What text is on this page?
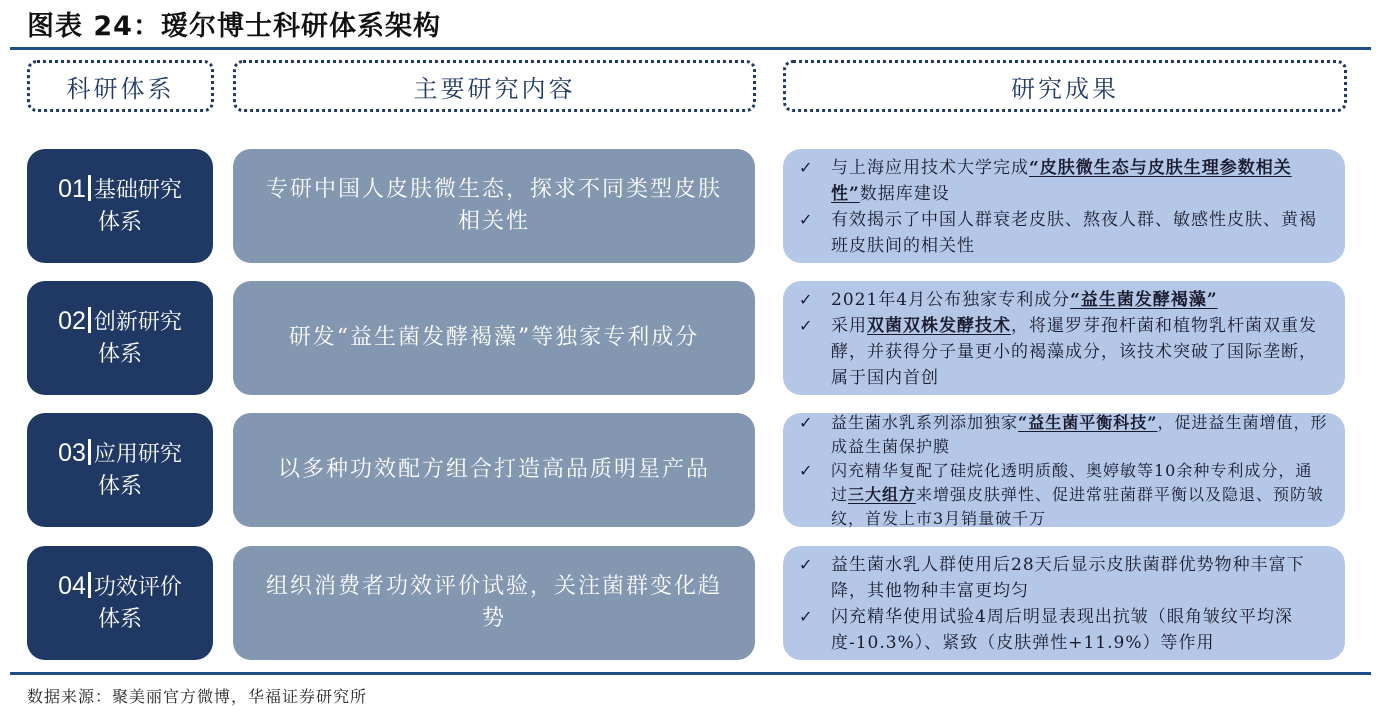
图表 24：瑷尔博士科研体系架构
科研体系	主要研究内容	研究成果
01 基础研究
体系
专研中国人皮肤微生态，探求不同类型皮肤相关性
✓	与上海应用技术大学完成“皮肤微生态与皮肤生理参数相关性”数据库建设
✓	有效揭示了中国人群衰老皮肤、熬夜人群、敏感性皮肤、黄褐班皮肤间的相关性
02 创新研究
体系
研发“益生菌发酵褐藻”等独家专利成分
✓	2021年4月公布独家专利成分“益生菌发酵褐藻”
✓	采用双菌双株发酵技术，将暹罗芽孢杆菌和植物乳杆菌双重发酵，并获得分子量更小的褐藻成分，该技术突破了国际垄断，属于国内首创
03 应用研究
体系
以多种功效配方组合打造高品质明星产品
✓	益生菌水乳系列添加独家“益生菌平衡科技”，促进益生菌增值，形成益生菌保护膜
✓	闪充精华复配了硅烷化透明质酸、奥婷敏等10余种专利成分，通过三大组方来增强皮肤弹性、促进常驻菌群平衡以及隐退、预防皱纹，首发上市3月销量破千万
04 功效评价
体系
组织消费者功效评价试验，关注菌群变化趋势
✓	益生菌水乳人群使用后28天后显示皮肤菌群优势物种丰富下降，其他物种丰富更均匀
✓	闪充精华使用试验4周后明显表现出抗皱（眼角皱纹平均深度-10.3%）、紧致（皮肤弹性+11.9%）等作用
数据来源：聚美丽官方微博，华福证券研究所
